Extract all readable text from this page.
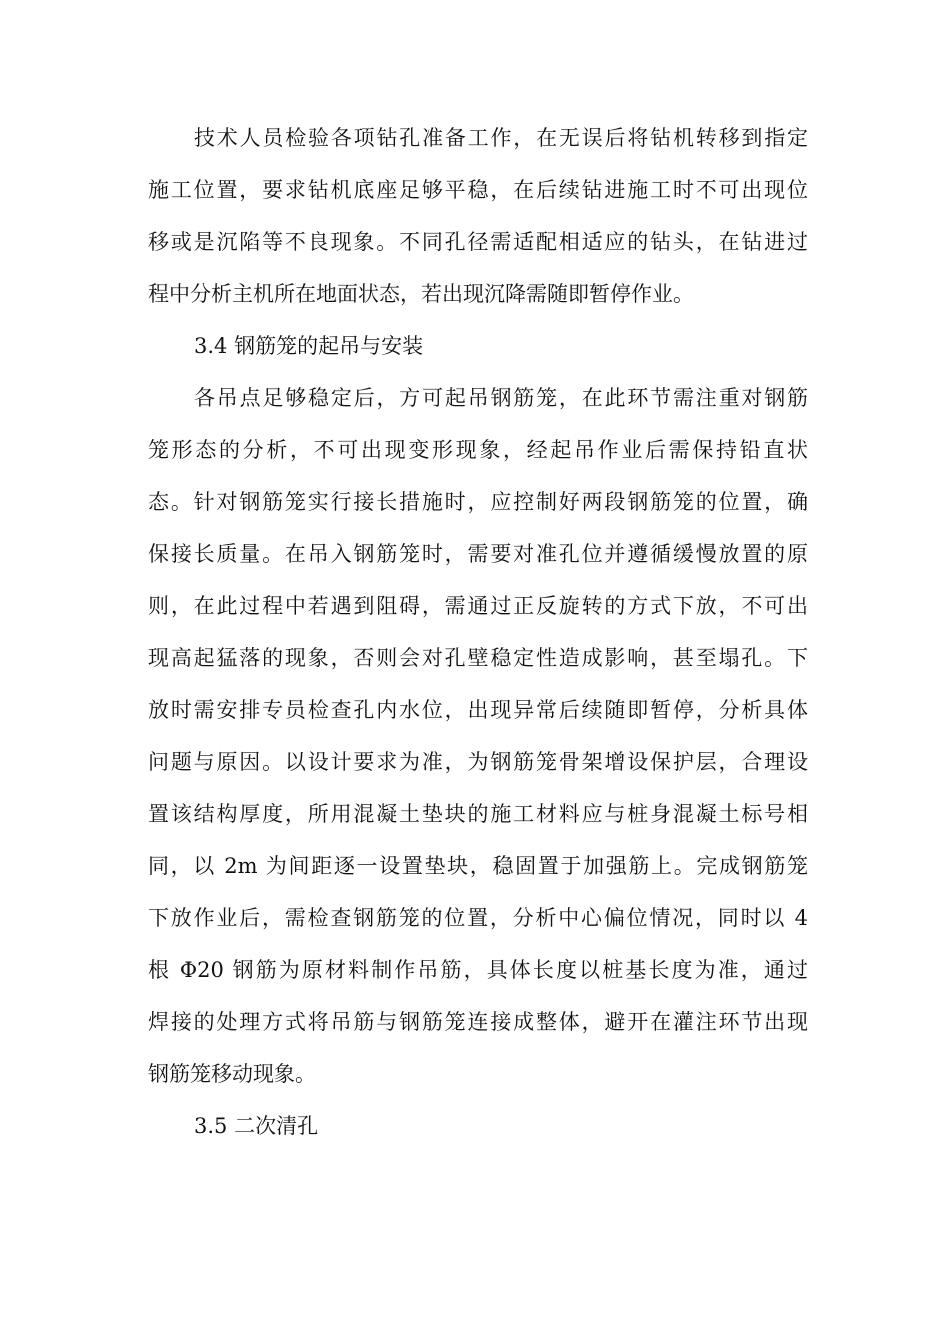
技术人员检验各项钻孔准备工作，在无误后将钻机转移到指定
施工位置，要求钻机底座足够平稳，在后续钻进施工时不可出现位
移或是沉陷等不良现象。不同孔径需适配相适应的钻头，在钻进过
程中分析主机所在地面状态，若出现沉降需随即暂停作业。
3.4 钢筋笼的起吊与安装
各吊点足够稳定后，方可起吊钢筋笼，在此环节需注重对钢筋
笼形态的分析，不可出现变形现象，经起吊作业后需保持铅直状
态。针对钢筋笼实行接长措施时，应控制好两段钢筋笼的位置，确
保接长质量。在吊入钢筋笼时，需要对准孔位并遵循缓慢放置的原
则，在此过程中若遇到阻碍，需通过正反旋转的方式下放，不可出
现高起猛落的现象，否则会对孔壁稳定性造成影响，甚至塌孔。下
放时需安排专员检查孔内水位，出现异常后续随即暂停，分析具体
问题与原因。以设计要求为准，为钢筋笼骨架增设保护层，合理设
置该结构厚度，所用混凝土垫块的施工材料应与桩身混凝土标号相
同，以 2m 为间距逐一设置垫块，稳固置于加强筋上。完成钢筋笼
下放作业后，需检查钢筋笼的位置，分析中心偏位情况，同时以 4
根 Φ20 钢筋为原材料制作吊筋，具体长度以桩基长度为准，通过
焊接的处理方式将吊筋与钢筋笼连接成整体，避开在灌注环节出现
钢筋笼移动现象。
3.5 二次清孔
